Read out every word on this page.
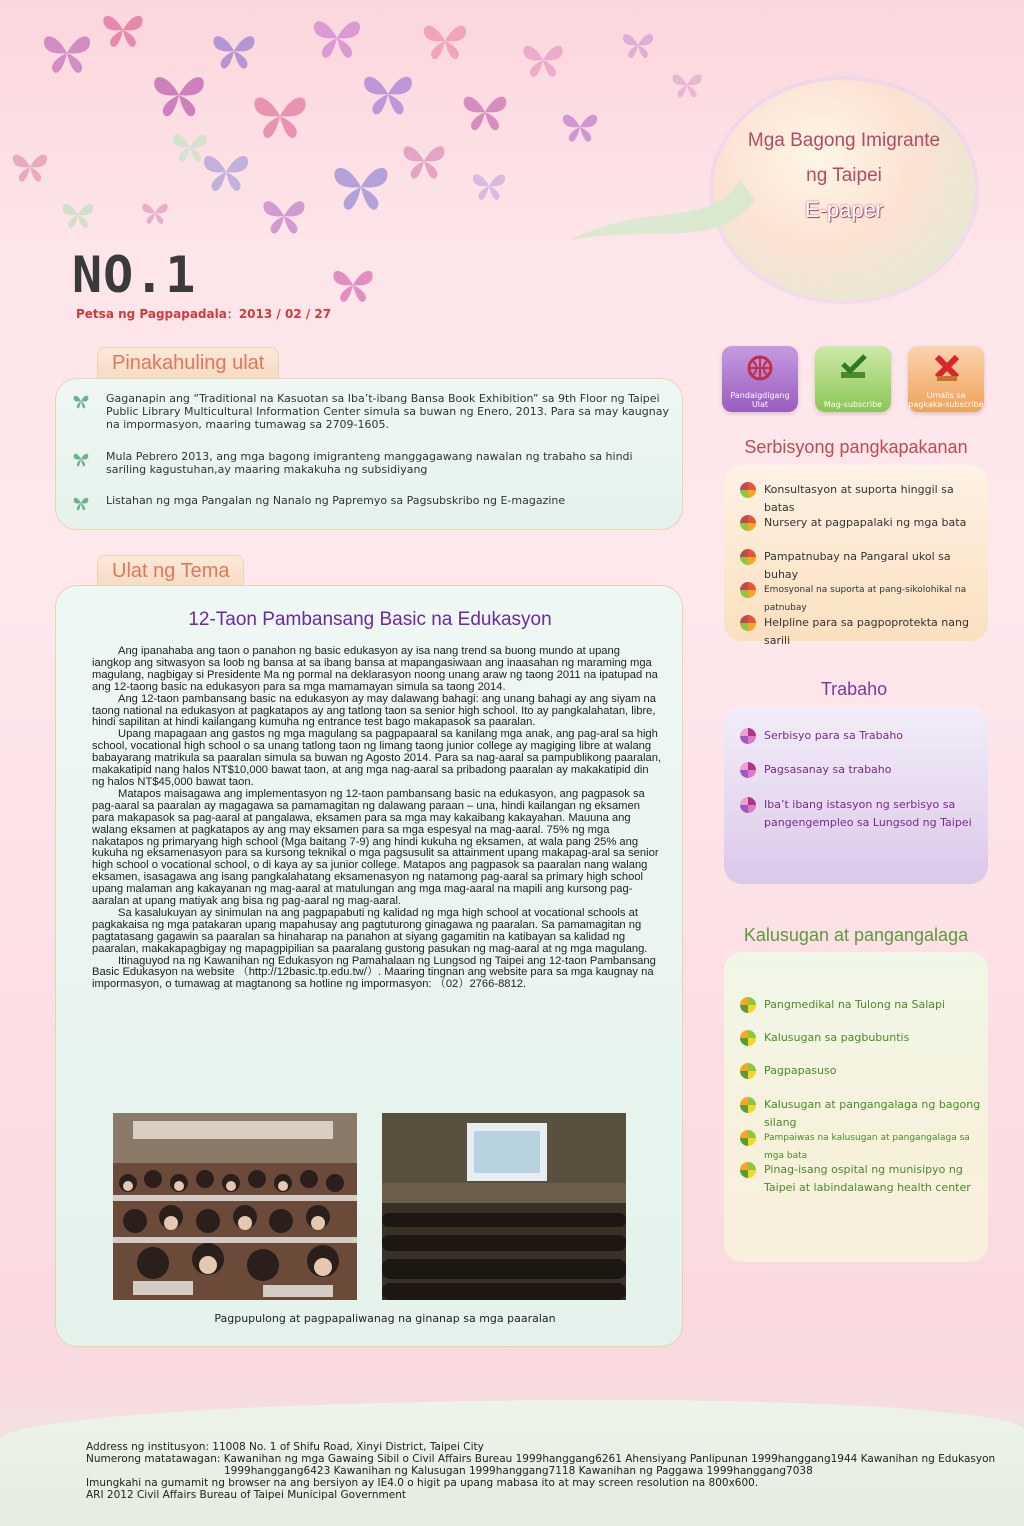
Mga Bagong Imigrante
ng Taipei
E-paper
NO.1
Petsa ng Pagpapadala：2013 / 02 / 27
Pinakahuling ulat
Gaganapin ang “Traditional na Kasuotan sa Iba’t-ibang Bansa Book Exhibition” sa 9th Floor ng Taipei Public Library Multicultural Information Center simula sa buwan ng Enero, 2013. Para sa may kaugnay na impormasyon, maaring tumawag sa 2709-1605.
Mula Pebrero 2013, ang mga bagong imigranteng manggagawang nawalan ng trabaho sa hindi sariling kagustuhan,ay maaring makakuha ng subsidiyang
Listahan ng mga Pangalan ng Nanalo ng Papremyo sa Pagsubskribo ng E-magazine
Ulat ng Tema
12-Taon Pambansang Basic na Edukasyon

Ang ipanahaba ang taon o panahon ng basic edukasyon ay isa nang trend sa buong mundo at upang iangkop ang sitwasyon sa loob ng bansa at sa ibang bansa at mapangasiwaan ang inaasahan ng maraming mga magulang, nagbigay si Presidente Ma ng pormal na deklarasyon noong unang araw ng taong 2011 na ipatupad na ang 12-taong basic na edukasyon para sa mga mamamayan simula sa taong 2014.

Ang 12-taon pambansang basic na edukasyon ay may dalawang bahagi: ang unang bahagi ay ang siyam na taong national na edukasyon at pagkatapos ay ang tatlong taon sa senior high school. Ito ay pangkalahatan, libre, hindi sapilitan at hindi kailangang kumuha ng entrance test bago makapasok sa paaralan.

Upang mapagaan ang gastos ng mga magulang sa pagpapaaral sa kanilang mga anak, ang pag-aral sa high school, vocational high school o sa unang tatlong taon ng limang taong junior college ay magiging libre at walang babayarang matrikula sa paaralan simula sa buwan ng Agosto 2014. Para sa nag-aaral sa pampublikong paaralan, makakatipid nang halos NT$10,000 bawat taon, at ang mga nag-aaral sa pribadong paaralan ay makakatipid din ng halos NT$45,000 bawat taon.

Matapos maisagawa ang implementasyon ng 12-taon pambansang basic na edukasyon, ang pagpasok sa pag-aaral sa paaralan ay magagawa sa pamamagitan ng dalawang paraan – una, hindi kailangan ng eksamen para makapasok sa pag-aaral at pangalawa, eksamen para sa mga may kakaibang kakayahan. Mauuna ang walang eksamen at pagkatapos ay ang may eksamen para sa mga espesyal na mag-aaral. 75% ng mga nakatapos ng primaryang high school (Mga baitang 7-9) ang hindi kukuha ng eksamen, at wala pang 25% ang kukuha ng eksamenasyon para sa kursong teknikal o mga pagsusulit sa attainment upang makapag-aral sa senior high school o vocational school, o di kaya ay sa junior college. Matapos ang pagpasok sa paaralan nang walang eksamen, isasagawa ang isang pangkalahatang eksamenasyon ng natamong pag-aaral sa primary high school upang malaman ang kakayanan ng mag-aaral at matulungan ang mga mag-aaral na mapili ang kursong pag-aaralan at upang matiyak ang bisa ng pag-aaral ng mag-aaral.

Sa kasalukuyan ay sinimulan na ang pagpapabuti ng kalidad ng mga high school at vocational schools at pagkakaisa ng mga patakaran upang mapahusay ang pagtuturong ginagawa ng paaralan. Sa pamamagitan ng pagtatasang gagawin sa paaralan sa hinaharap na panahon at siyang gagamitin na katibayan sa kalidad ng paaralan, makakapagbigay ng mapagpipilian sa paaralang gustong pasukan ng mag-aaral at ng mga magulang.

Itinaguyod na ng Kawanihan ng Edukasyon ng Pamahalaan ng Lungsod ng Taipei ang 12-taon Pambansang Basic Edukasyon na website （http://12basic.tp.edu.tw/）. Maaring tingnan ang website para sa mga kaugnay na impormasyon, o tumawag at magtanong sa hotline ng impormasyon: （02）2766-8812.

Pagpupulong at pagpapaliwanag na ginanap sa mga paaralan
Pandaigdigang Ulat	Mag-subscribe
Umalis sa pagkaka-subscribe
Serbisyong pangkapakanan
Konsultasyon at suporta hinggil sa batas
Nursery at pagpapalaki ng mga bata
Pampatnubay na Pangaral ukol sa buhay
Emosyonal na suporta at pang-sikolohikal na patnubay
Helpline para sa pagpoprotekta nang sarili
Trabaho
Serbisyo para sa Trabaho
Pagsasanay sa trabaho
Iba’t ibang istasyon ng serbisyo sa pangengempleo sa Lungsod ng Taipei
Kalusugan at pangangalaga
Pangmedikal na Tulong na Salapi
Kalusugan sa pagbubuntis
Pagpapasuso
Kalusugan at pangangalaga ng bagong silang
Pampaiwas na kalusugan at pangangalaga sa mga bata
Pinag-isang ospital ng munisipyo ng Taipei at labindalawang health center
Address ng institusyon: 11008 No. 1 of Shifu Road, Xinyi District, Taipei City
Numerong matatawagan: Kawanihan ng mga Gawaing Sibil o Civil Affairs Bureau 1999hanggang6261 Ahensiyang Panlipunan 1999hanggang1944 Kawanihan ng Edukasyon
1999hanggang6423 Kawanihan ng Kalusugan 1999hanggang7118 Kawanihan ng Paggawa 1999hanggang7038
Imungkahi na gumamit ng browser na ang bersiyon ay IE4.0 o higit pa upang mabasa ito at may screen resolution na 800x600.
ARI 2012 Civil Affairs Bureau of Taipei Municipal Government
